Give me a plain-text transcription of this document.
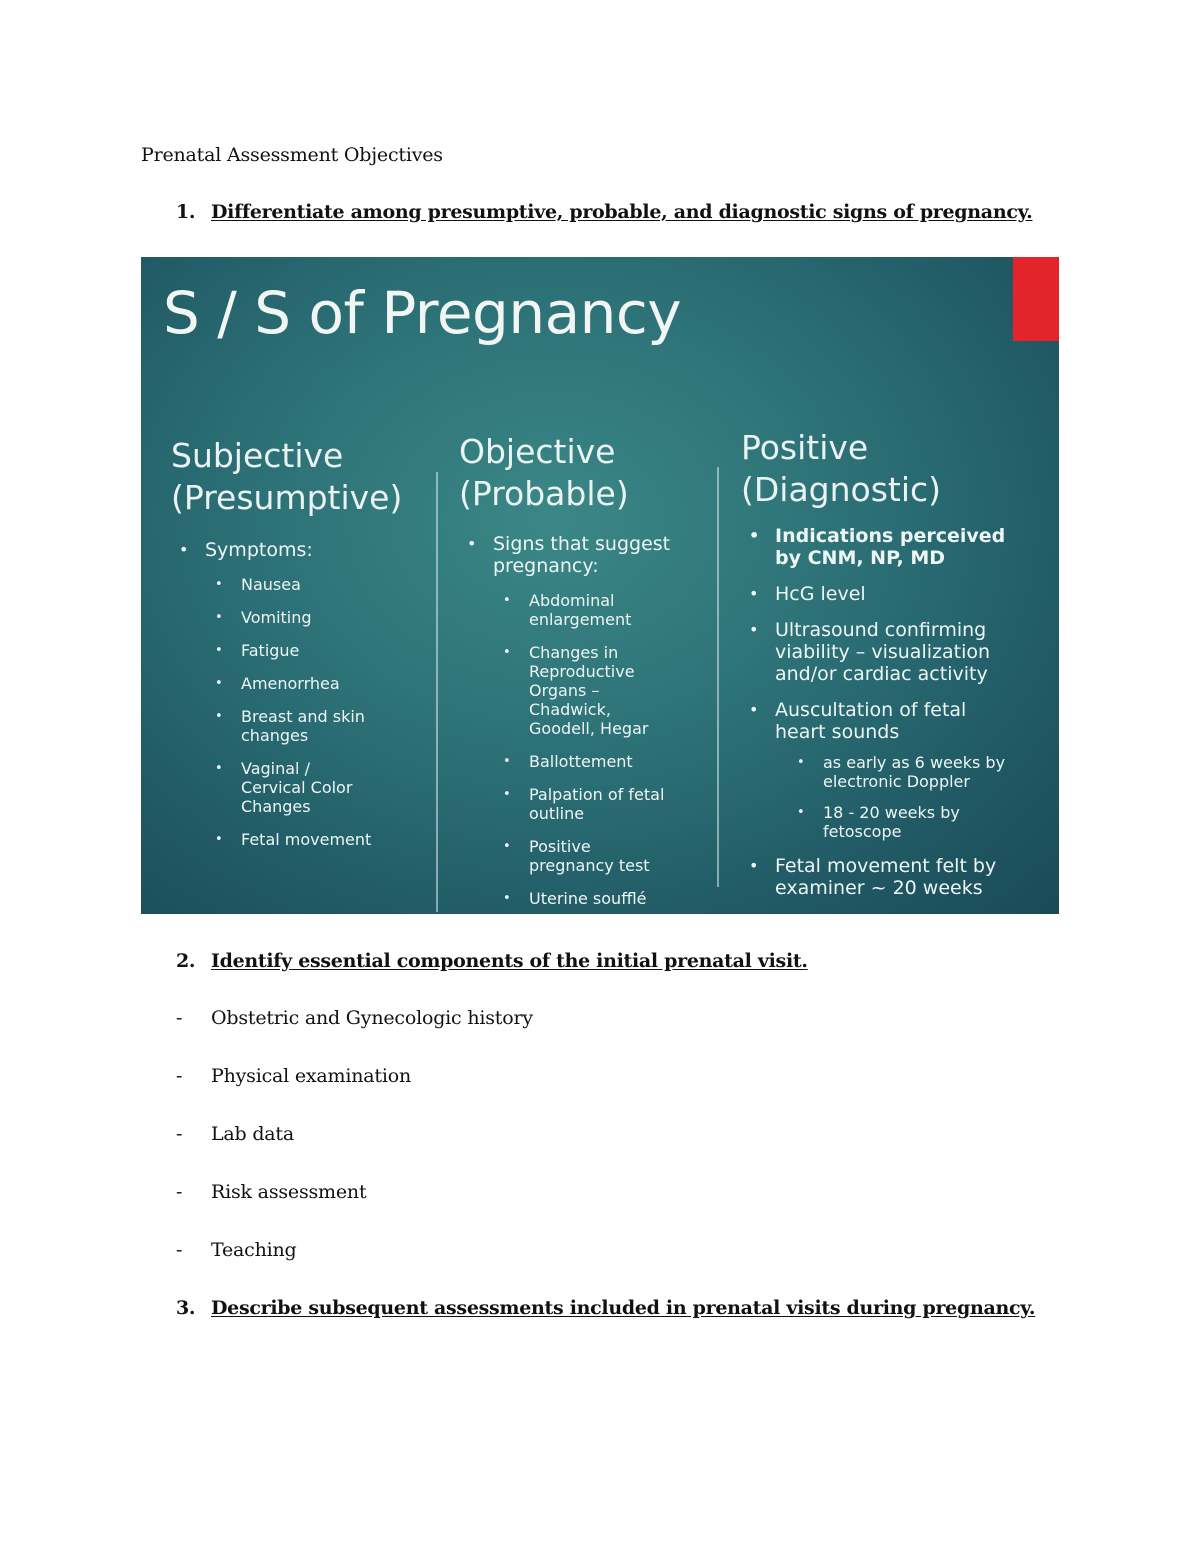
Prenatal Assessment Objectives
1. Differentiate among presumptive, probable, and diagnostic signs of pregnancy.
S / S of Pregnancy
Subjective
(Presumptive)
• Symptoms:
• Nausea
• Vomiting
• Fatigue
• Amenorrhea
• Breast and skin changes
• Vaginal / Cervical Color Changes
• Fetal movement
Objective
(Probable)
• Signs that suggest pregnancy:
• Abdominal enlargement
• Changes in Reproductive Organs – Chadwick, Goodell, Hegar
• Ballottement
• Palpation of fetal outline
• Positive pregnancy test
• Uterine soufflé
Positive
(Diagnostic)
• Indications perceived by CNM, NP, MD
• HcG level
• Ultrasound confirming viability – visualization and/or cardiac activity
• Auscultation of fetal heart sounds
• as early as 6 weeks by electronic Doppler
• 18 - 20 weeks by fetoscope
• Fetal movement felt by examiner ~ 20 weeks
2. Identify essential components of the initial prenatal visit.
-	Obstetric and Gynecologic history
-	Physical examination
-	Lab data
-	Risk assessment
-	Teaching
3. Describe subsequent assessments included in prenatal visits during pregnancy.
